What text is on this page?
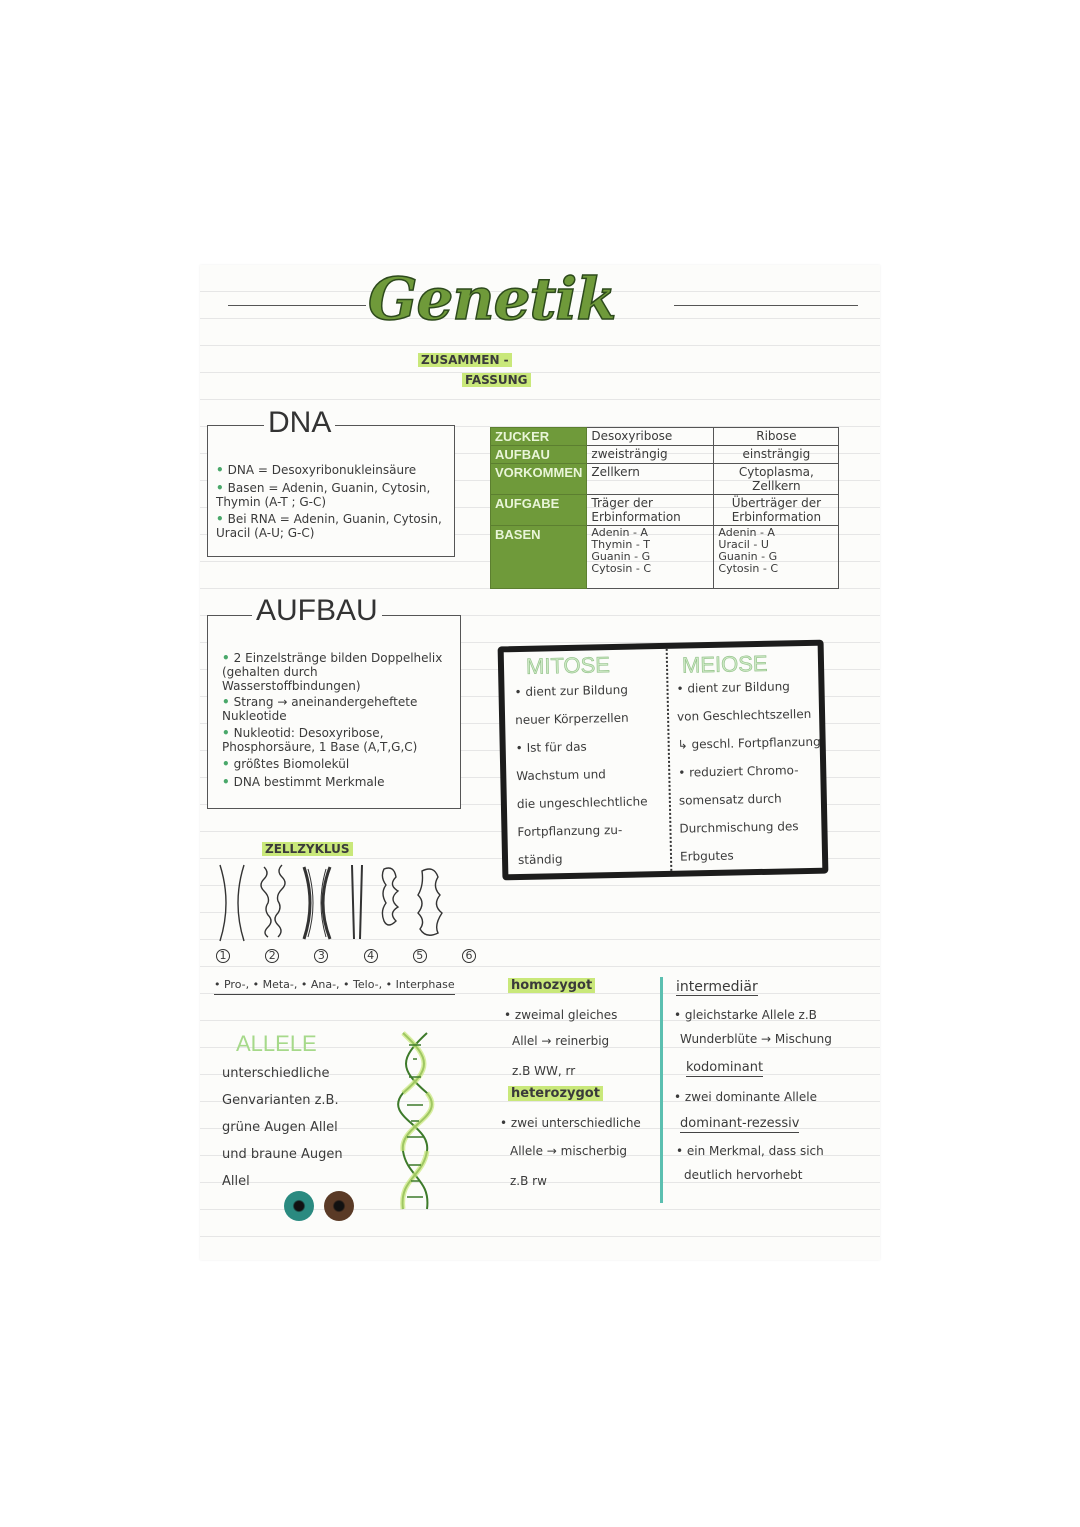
Genetik
ZUSAMMEN -
FASSUNG
DNA
• DNA = Desoxyribonukleinsäure
• Basen = Adenin, Guanin, Cytosin, Thymin (A-T ; G-C)
• Bei RNA = Adenin, Guanin, Cytosin, Uracil (A-U; G-C)
AUFBAU
• 2 Einzelstränge bilden Doppelhelix (gehalten durch Wasserstoffbindungen)
• Strang → aneinandergeheftete Nukleotide
• Nukleotid: Desoxyribose, Phosphorsäure, 1 Base (A,T,G,C)
• größtes Biomolekül
• DNA bestimmt Merkmale
ZUCKER	Desoxyribose	Ribose
AUFBAU	zweisträngig	einsträngig
VORKOMMEN	Zellkern	Cytoplasma, Zellkern
AUFGABE	Träger der Erbinformation	Überträger der Erbinformation
BASEN	Adenin - A
Thymin - T
Guanin - G
Cytosin - C	Adenin - A
Uracil - U
Guanin - G
Cytosin - C
MITOSE	MEIOSE
• dient zur Bildung
neuer Körperzellen
• Ist für das
Wachstum und
die ungeschlechtliche
Fortpflanzung zu-
ständig
• dient zur Bildung
von Geschlechtszellen
↳ geschl. Fortpflanzung
• reduziert Chromo-
somensatz durch
Durchmischung des
Erbgutes
ZELLZYKLUS
1	2	3	4	5	6
• Pro-, • Meta-, • Ana-, • Telo-, • Interphase
ALLELE
unterschiedliche
Genvarianten z.B.
grüne Augen Allel
und braune Augen
Allel
homozygot
• zweimal gleiches
Allel → reinerbig
z.B WW, rr
heterozygot
• zwei unterschiedliche
Allele → mischerbig
z.B rw
intermediär
• gleichstarke Allele z.B
Wunderblüte → Mischung
kodominant
• zwei dominante Allele
dominant-rezessiv
• ein Merkmal, dass sich
deutlich hervorhebt
